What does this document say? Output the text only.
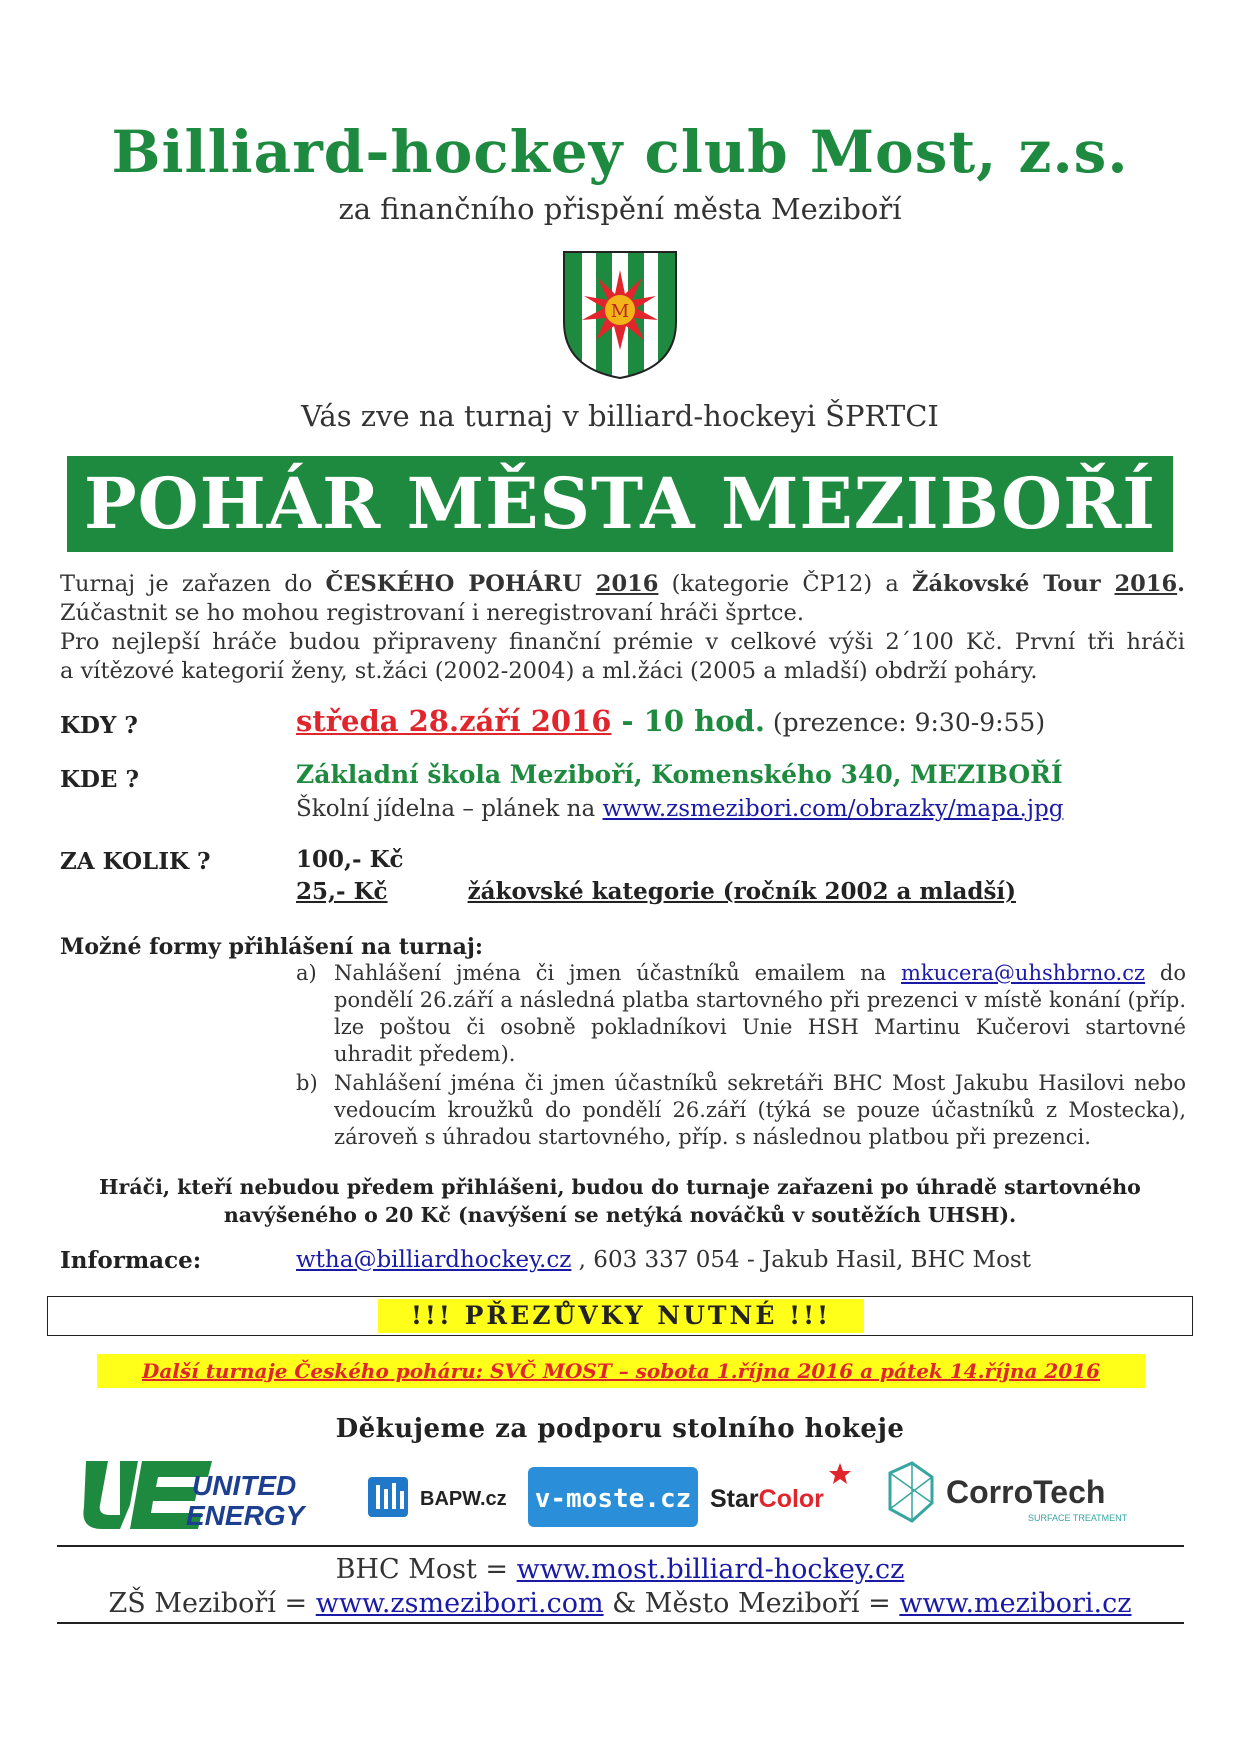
Billiard-hockey club Most, z.s.
za finančního přispění města Meziboří
M
Vás zve na turnaj v billiard-hockeyi ŠPRTCI
POHÁR MĚSTA MEZIBOŘÍ

Turnaj je zařazen do ČESKÉHO POHÁRU 2016 (kategorie ČP12) a Žákovské Tour 2016.

Zúčastnit se ho mohou registrovaní i neregistrovaní hráči šprtce.

Pro nejlepší hráče budou připraveny finanční prémie v celkové výši 2´100 Kč. První tři hráči

a vítězové kategorií ženy, st.žáci (2002-2004) a ml.žáci (2005 a mladší) obdrží poháry.

KDY ?	středa 28.září 2016 - 10 hod. (prezence: 9:30-9:55)
KDE ?	Základní škola Meziboří, Komenského 340, MEZIBOŘÍ
Školní jídelna – plánek na www.zsmezibori.com/obrazky/mapa.jpg
ZA KOLIK ?	100,- Kč
25,- Kč	žákovské kategorie (ročník 2002 a mladší)
Možné formy přihlášení na turnaj:
a) Nahlášení jména či jmen účastníků emailem na mkucera@uhshbrno.cz do pondělí 26.září a následná platba startovného při prezenci v místě konání (příp. lze poštou či osobně pokladníkovi Unie HSH Martinu Kučerovi startovné uhradit předem).
b) Nahlášení jména či jmen účastníků sekretáři BHC Most Jakubu Hasilovi nebo vedoucím kroužků do pondělí 26.září (týká se pouze účastníků z Mostecka), zároveň s úhradou startovného, příp. s následnou platbou při prezenci.
Hráči, kteří nebudou předem přihlášeni, budou do turnaje zařazeni po úhradě startovného
navýšeného o 20 Kč (navýšení se netýká nováčků v soutěžích UHSH).
Informace:	wtha@billiardhockey.cz , 603 337 054 - Jakub Hasil, BHC Most
!!! PŘEZŮVKY NUTNÉ !!!
Další turnaje Českého poháru: SVČ MOST – sobota 1.října 2016 a pátek 14.října 2016
Děkujeme za podporu stolního hokeje
UNITED
ENERGY
BAPW.cz v-moste.cz StarColor	CorroTech
SURFACE TREATMENT
BHC Most = www.most.billiard-hockey.cz
ZŠ Meziboří = www.zsmezibori.com & Město Meziboří = www.mezibori.cz
